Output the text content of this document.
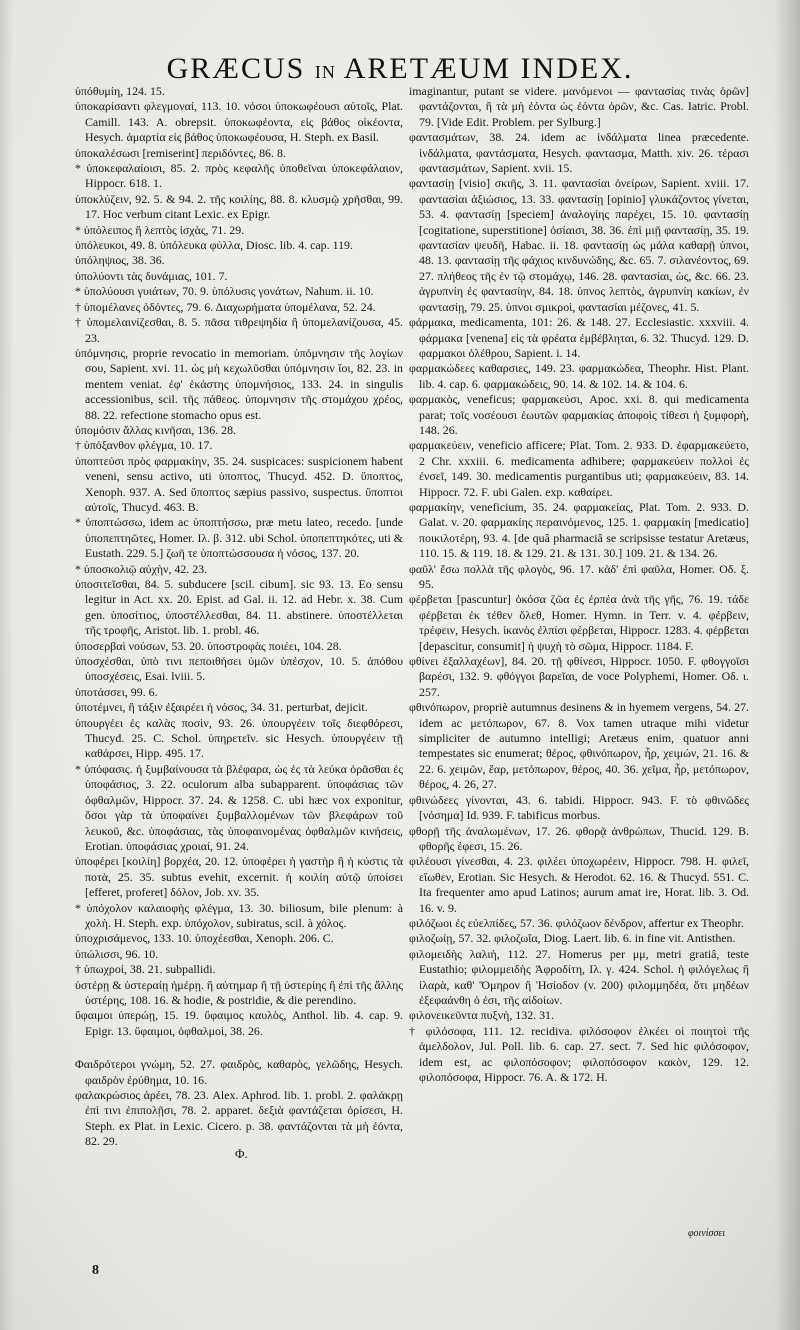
GRÆCUS IN ARETÆUM INDEX.

ὑπόθυμίη, 124. 15.

ὑποκαρίσαντι φλεγμοναί, 113. 10. νόσοι ὑποκωφέουσι αὐτοῖς, Plat. Camill. 143. A. obrepsit. ὑποκωφέοντα, εἰς βάθος οἰκέοντα, Hesych. ἁμαρτία εἰς βάθος ὑποκωφέουσα, H. Steph. ex Basil.

ὑποκαλέσωσι [remiserint] περιδόντες, 86. 8.

* ὑποκεφαλαίοισι, 85. 2. πρὸς κεφαλῆς ὑποθεῖναι ὑποκεφάλαιον, Hippocr. 618. 1.

ὑποκλύζειν, 92. 5. & 94. 2. τῆς κοιλίης, 88. 8. κλυσμῷ χρῆσθαι, 99. 17. Hoc verbum citant Lexic. ex Epigr.

* ὑπόλειπος ἢ λεπτὸς ἰσχὰς, 71. 29.

ὑπόλευκοι, 49. 8. ὑπόλευκα φύλλα, Diosc. lib. 4. cap. 119.

ὑπόληψιος, 38. 36.

ὑπολύοντι τὰς δυνάμιας, 101. 7.

* ὑπολύουσι γυιάτων, 70. 9. ὑπόλυσις γονάτων, Nahum. ii. 10.

† ὑπομέλανες ὀδόντες, 79. 6. Διαχωρήματα ὑπομέλανα, 52. 24.

† ὑπομελαινίζεσθαι, 8. 5. πᾶσα τιθρεψηδία ἢ ὑπομελανίζουσα, 45. 23.

ὑπόμνησις, proprie revocatio in memoriam. ὑπόμνησιν τῆς λογίων σου, Sapient. xvi. 11. ὡς μὴ κεχωλῦσθαι ὑπόμνησιν ἴοι, 82. 23. in mentem veniat. ἐφ' ἑκάστης ὑπομνήσιος, 133. 24. in singulis accessionibus, scil. τῆς πάθεος. ὑπομνησιν τῆς στομάχου χρέος, 88. 22. refectione stomacho opus est.

ὑπομόσιν ἄλλας κινῆσαι, 136. 28.

† ὑπόξανθον φλέγμα, 10. 17.

ὑποπτεύσι πρὸς φαρμακίην, 35. 24. suspicaces: suspicionem habent veneni, sensu activo, uti ὑποπτος, Thucyd. 452. D. ὕποπτος, Xenoph. 937. A. Sed ὕποπτος sæpius passivo, suspectus. ὕποπτοι αὐτοῖς, Thucyd. 463. B.

* ὑποπτώσσω, idem ac ὑποπτήσσω, præ metu lateo, recedo. [unde ὑποπεπτηῶτες, Homer. Iλ. β. 312. ubi Schol. ὑποπεπτηκότες, uti & Eustath. 229. 5.] ζωῆ τε ὑποπτώσσουσα ἡ νόσος, 137. 20.

* ὑποσκολιῷ αὐχὴν, 42. 23.

ὑποσιτεῖσθαι, 84. 5. subducere [scil. cibum]. sic 93. 13. Eo sensu legitur in Act. xx. 20. Epist. ad Gal. ii. 12. ad Hebr. x. 38. Cum gen. ὑποσίτιος, ὑποστέλλεσθαι, 84. 11. abstinere. ὑποστέλλεται τῆς τροφῆς, Aristot. lib. 1. probl. 46.

ὑποσερβαὶ νούσων, 53. 20. ὑποστροφὰς ποιέει, 104. 28.

ὑποσχέσθαι, ὑπὸ τινι πεποιθήσει ὑμῶν ὑπέσχον, 10. 5. ἀπόθου ὑποσχέσεις, Esai. lviii. 5.

ὑποτάσσει, 99. 6.

ὑποτέμνει, ἢ τάξιν ἐξαιρέει ἡ νόσος, 34. 31. perturbat, dejicit.

ὑπουργέει ἐς καλὰς ποσὶν, 93. 26. ὑπουργέειν τοῖς διεφθόρεσι, Thucyd. 25. C. Schol. ὑπηρετεῖν. sic Hesych. ὑπουργέειν τῇ καθάρσει, Hipp. 495. 17.

* ὑπόφασις. ἡ ξυμβαίνουσα τὰ βλέφαρα, ὡς ἐς τὰ λεύκα ὁρᾶσθαι ἐς ὑποφάσιος, 3. 22. oculorum alba subapparent. ὑποφάσιας τῶν ὀφθαλμῶν, Hippocr. 37. 24. & 1258. C. ubi hæc vox exponitur, ὅσοι γὰρ τὰ ὑποφαίνει ξυμβαλλομένων τῶν βλεφάρων τοῦ λευκοῦ, &c. ὑποφάσιας, τὰς ὑποφαινομένας ὀφθαλμῶν κινήσεις, Erotian. ὑποφάσιας χροιαί, 91. 24.

ὑποφέρει [κοιλίη] βορχέα, 20. 12. ὑποφέρει ἡ γαστὴρ ἢ ἡ κύστις τὰ ποτὰ, 25. 35. subtus evehit, excernit. ἡ κοιλίη αὐτῷ ὑποίσει [efferet, proferet] δόλον, Job. xv. 35.

* ὑπόχολον καλαιοφὴς φλέγμα, 13. 30. biliosum, bile plenum: à χολὴ. H. Steph. exp. ὑπόχολον, subiratus, scil. à χόλος.

ὑποχρισάμενος, 133. 10. ὑποχέεσθαι, Xenoph. 206. C.

ὑπώλισσι, 96. 10.

† ὑπωχροί, 38. 21. subpallidi.

ὑστέρῃ & ὑστεραίῃ ἡμέρῃ. ἢ αὐτημαρ ἢ τῇ ὑστερίης ἢ ἐπὶ τῆς ἄλλης ὑστέρης, 108. 16. & hodie, & postridie, & die perendino.

ὕφαιμοι ὑπερώῃ, 15. 19. ὕφαιμος καυλὸς, Anthol. lib. 4. cap. 9. Epigr. 13. ὕφαιμοι, ὀφθαλμοὶ, 38. 26.

Φαιδρότεροι γνώμη, 52. 27. φαιδρὸς, καθαρὸς, γελῶδης, Hesych. φαιδρὸν ἐρύθημα, 10. 16.

φαλακρώσιος ἀρέει, 78. 23. Alex. Aphrod. lib. 1. probl. 2. φαλάκρῃ ἐπὶ τινι ἐπιπολῇσι, 78. 2. apparet. δεξιὰ φαντάζεται ὁρίσεσι, H. Steph. ex Plat. in Lexic. Cicero. p. 38. φαντάζονται τὰ μὴ ἐόντα, 82. 29.

imaginantur, putant se videre. μανόμενοι — φαντασίας τινὰς ὁρῶν] φαντάζονται, ἢ τὰ μὴ ἐόντα ὡς ἐόντα ὁρῶν, &c. Cas. Iatric. Probl. 79. [Vide Edit. Problem. per Sylburg.]

φαντασμάτων, 38. 24. idem ac ἰνδάλματα linea præcedente. ἰνδάλματα, φαντάσματα, Hesych. φαντασμα, Matth. xiv. 26. τέρασι φαντασμάτων, Sapient. xvii. 15.

φαντασίῃ [visio] σκιῆς, 3. 11. φαντασίαι ὀνείρων, Sapient. xviii. 17. φαντασίαι ἀξιώσιος, 13. 33. φαντασίῃ [opinio] γλυκάζοντος γίνεται, 53. 4. φαντασίῃ [speciem] ἀναλογίης παρέχει, 15. 10. φαντασίῃ [cogitatione, superstitione] ὁσίαισι, 38. 36. ἐπὶ μιῇ φαντασίῃ, 35. 19. φαντασίαν ψευδῆ, Habac. ii. 18. φαντασίῃ ὡς μάλα καθαρῇ ὑπνοι, 48. 13. φαντασίῃ τῆς φάχιος κινδυνώδης, &c. 65. 7. σιλανέοντος, 69. 27. πλήθεος τῆς ἐν τῷ στομάχῳ, 146. 28. φαντασίαι, ὡς, &c. 66. 23. ἀγρυπνίη ἐς φαντασίην, 84. 18. ὑπνος λεπτὸς, ἀγρυπνίη κακίων, ἐν φαντασίῃ, 79. 25. ὑπνοι σμικροὶ, φαντασίαι μέζονες, 41. 5.

φάρμακα, medicamenta, 101: 26. & 148. 27. Ecclesiastic. xxxviii. 4. φάρμακα [venena] εἰς τὰ φρέατα ἐμβέβληται, 6. 32. Thucyd. 129. D. φαρμακοι ὀλέθρου, Sapient. i. 14.

φαρμακώδεες καθαρσιες, 149. 23. φαρμακώδεα, Theophr. Hist. Plant. lib. 4. cap. 6. φαρμακώδεις, 90. 14. & 102. 14. & 104. 6.

φαρμακὸς, veneficus; φαρμακεύσι, Apoc. xxi. 8. qui medicamenta parat; τοῖς νοσέουσι ἑωυτῶν φαρμακίας ἀποφοὶς τίθεσι ἡ ξυμφορὴ, 148. 26.

φαρμακεύειν, veneficio afficere; Plat. Tom. 2. 933. D. ἐφαρμακεύετο, 2 Chr. xxxiii. 6. medicamenta adhibere; φαρμακεύειν πολλοὶ ἐς ἐνσεῖ, 149. 30. medicamentis purgantibus uti; φαρμακεύειν, 83. 14. Hippocr. 72. F. ubi Galen. exp. καθαίρει.

φαρμακίην, veneficium, 35. 24. φαρμακείας, Plat. Tom. 2. 933. D. Galat. v. 20. φαρμακίης περαινόμενος, 125. 1. φαρμακίη [medicatio] ποικιλοτέρη, 93. 4. [de quâ pharmaciâ se scripsisse testatur Aretæus, 110. 15. & 119. 18. & 129. 21. & 131. 30.] 109. 21. & 134. 26.

φαῦλ' ἔσω πολλὰ τῆς φλογὸς, 96. 17. κὰδ' ἐπὶ φαῦλα, Homer. Οδ. ξ. 95.

φέρβεται [pascuntur] ὁκόσα ζῶα ἐς ἐρπέα ἀνὰ τῆς γῆς, 76. 19. τάδε φέρβεται ἐκ τέθεν ὄλεθ, Homer. Hymn. in Terr. v. 4. φέρβειν, τρέφειν, Hesych. ἰκανὸς ἐλπίσι φέρβεται, Hippocr. 1283. 4. φέρβεται [depascitur, consumit] ἡ ψυχὴ τὸ σῶμα, Hippocr. 1184. F.

φθίνει ἐξαλλαχέων], 84. 20. τῇ φθίνεσι, Hippocr. 1050. F. φθογγοῖσι βαρέσι, 132. 9. φθόγγοι βαρεῖαι, de voce Polyphemi, Homer. Οδ. ι. 257.

φθινόπωρον, propriè autumnus desinens & in hyemem vergens, 54. 27. idem ac μετόπωρον, 67. 8. Vox tamen utraque mihi videtur simpliciter de autumno intelligi; Aretæus enim, quatuor anni tempestates sic enumerat; θέρος, φθινόπωρον, ἦρ, χειμών, 21. 16. & 22. 6. χειμῶν, ἔαρ, μετόπωρον, θέρος, 40. 36. χεῖμα, ἦρ, μετόπωρον, θέρος, 4. 26, 27.

φθινώδεες γίνονται, 43. 6. tabidi. Hippocr. 943. F. τὸ φθινῶδες [νόσημα] Id. 939. F. tabificus morbus.

φθορῇ τῆς ἀναλωμένων, 17. 26. φθορᾷ ἀνθρώπων, Thucid. 129. B. φθορῆς ἐφεσι, 15. 26.

φιλέουσι γίνεσθαι, 4. 23. φιλέει ὑποχωρέειν, Hippocr. 798. H. φιλεῖ, εἴωθεν, Erotian. Sic Hesych. & Herodot. 62. 16. & Thucyd. 551. C. Ita frequenter amo apud Latinos; aurum amat ire, Horat. lib. 3. Od. 16. v. 9.

φιλόζωοι ἐς εὐελπίδες, 57. 36. φιλόζωον δένδρον, affertur ex Theophr.

φιλοζωίῃ, 57. 32. φιλοζωΐα, Diog. Laert. lib. 6. in fine vit. Antisthen.

φιλομειδὴς λαλιὴ, 112. 27. Homerus per μμ, metri gratiâ, teste Eustathio; φιλομμειδὴς Ἀφροδίτη, Iλ. γ. 424. Schol. ἡ φιλόγελως ἢ ἱλαρὰ, καθ' Ὅμηρον ἢ Ἡσίοδον (v. 200) φιλομμηδέα, ὅτι μηδέων ἐξεφαάνθη ὁ ἐσι, τῆς αἰδοίων.

φιλονεικεῦντα πυξνὴ, 132. 31.

† φιλόσοφα, 111. 12. recidiva. φιλόσοφον ἑλκέει οἱ ποιητοὶ τῆς ἀμελδολον, Jul. Poll. lib. 6. cap. 27. sect. 7. Sed hic φιλόσοφον, idem est, ac φιλοπόσοφον; φιλοπόσοφον κακὸν, 129. 12. φιλοπόσοφα, Hippocr. 76. A. & 172. H.

Φ.
8
φοινίσσει
